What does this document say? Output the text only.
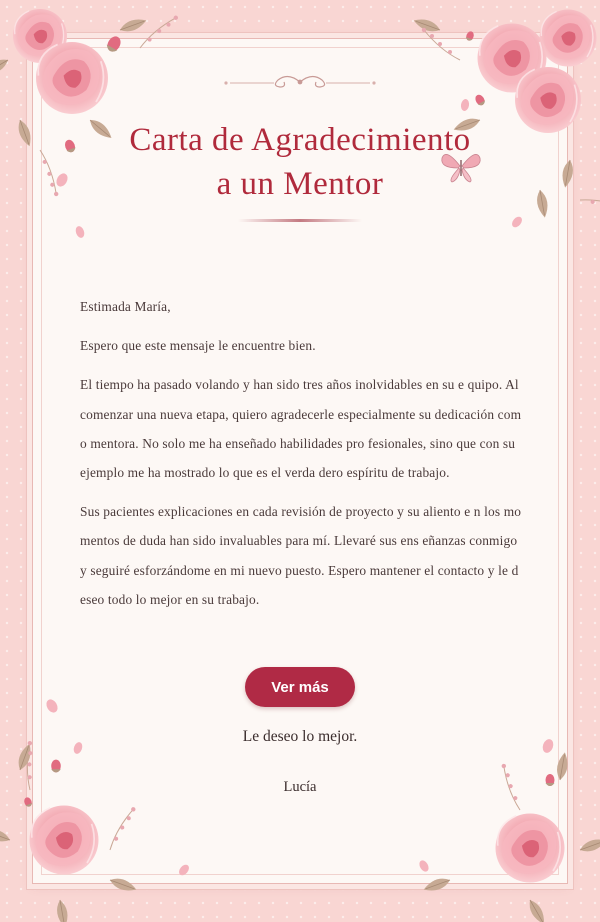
Carta de Agradecimiento
a un Mentor

Estimada María,

Espero que este mensaje le encuentre bien.

El tiempo ha pasado volando y han sido tres años inolvidables en su e quipo. Al comenzar una nueva etapa, quiero agradecerle especialmente su dedicación como mentora. No solo me ha enseñado habilidades pro fesionales, sino que con su ejemplo me ha mostrado lo que es el verda dero espíritu de trabajo.

Sus pacientes explicaciones en cada revisión de proyecto y su aliento e n los momentos de duda han sido invaluables para mí. Llevaré sus ens eñanzas conmigo y seguiré esforzándome en mi nuevo puesto. Espero mantener el contacto y le deseo todo lo mejor en su trabajo.

Ver más
Le deseo lo mejor.
Lucía
